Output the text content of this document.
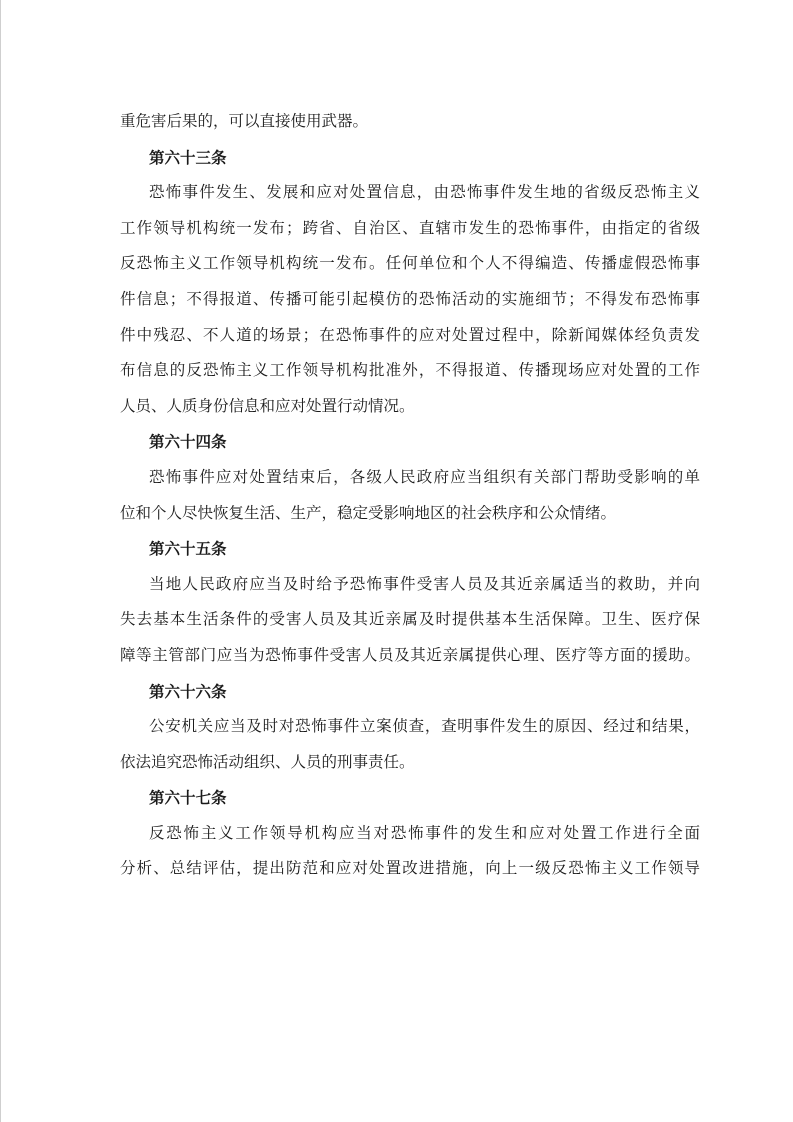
重危害后果的，可以直接使用武器。
第六十三条
恐怖事件发生、发展和应对处置信息，由恐怖事件发生地的省级反恐怖主义
工作领导机构统一发布；跨省、自治区、直辖市发生的恐怖事件，由指定的省级
反恐怖主义工作领导机构统一发布。任何单位和个人不得编造、传播虚假恐怖事
件信息；不得报道、传播可能引起模仿的恐怖活动的实施细节；不得发布恐怖事
件中残忍、不人道的场景；在恐怖事件的应对处置过程中，除新闻媒体经负责发
布信息的反恐怖主义工作领导机构批准外，不得报道、传播现场应对处置的工作
人员、人质身份信息和应对处置行动情况。
第六十四条
恐怖事件应对处置结束后，各级人民政府应当组织有关部门帮助受影响的单
位和个人尽快恢复生活、生产，稳定受影响地区的社会秩序和公众情绪。
第六十五条
当地人民政府应当及时给予恐怖事件受害人员及其近亲属适当的救助，并向
失去基本生活条件的受害人员及其近亲属及时提供基本生活保障。卫生、医疗保
障等主管部门应当为恐怖事件受害人员及其近亲属提供心理、医疗等方面的援助。
第六十六条
公安机关应当及时对恐怖事件立案侦查，查明事件发生的原因、经过和结果，
依法追究恐怖活动组织、人员的刑事责任。
第六十七条
反恐怖主义工作领导机构应当对恐怖事件的发生和应对处置工作进行全面
分析、总结评估，提出防范和应对处置改进措施，向上一级反恐怖主义工作领导
